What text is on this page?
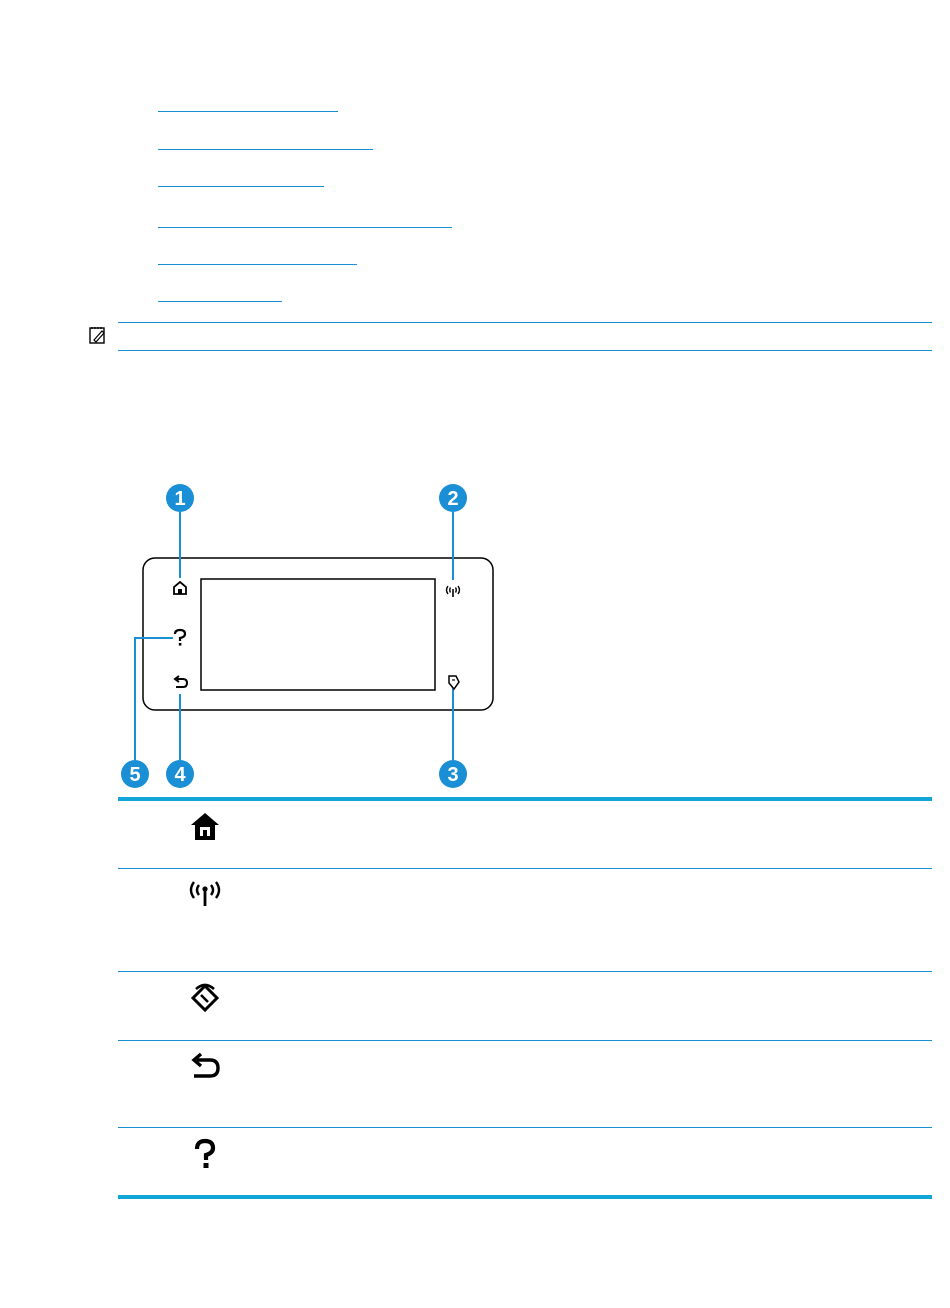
1	2
3
4
5
